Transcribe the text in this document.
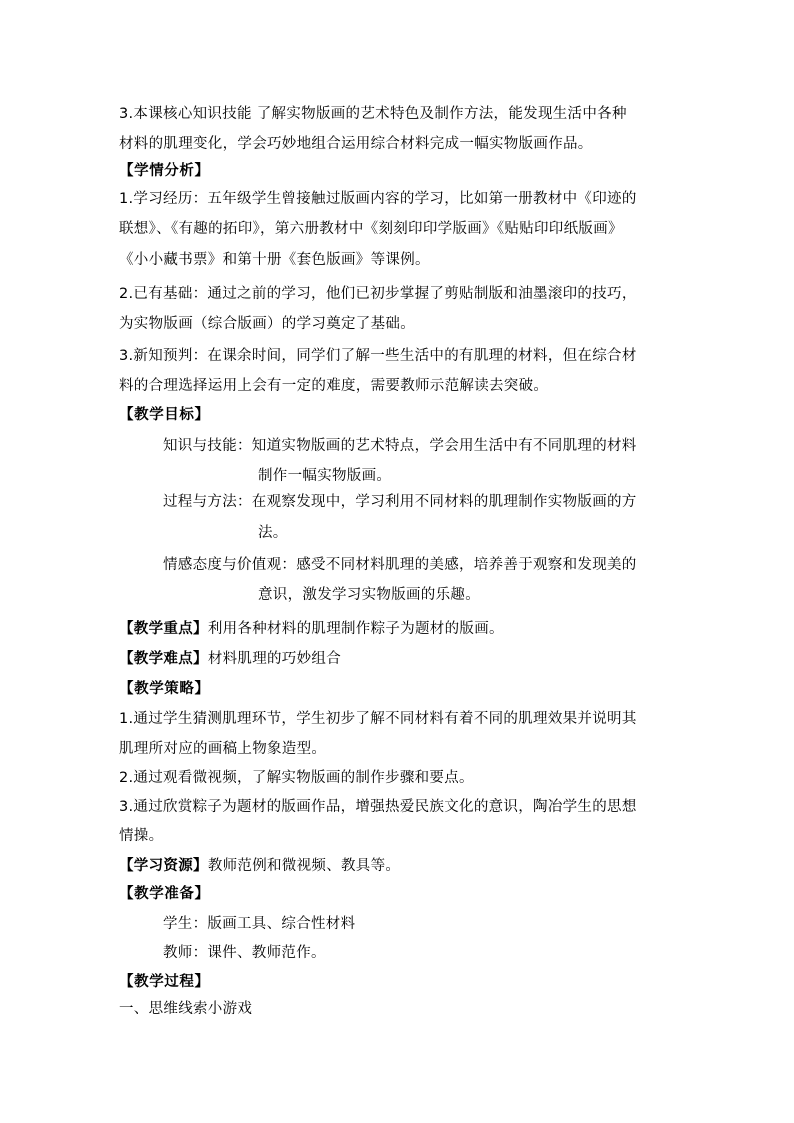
3.本课核心知识技能 了解实物版画的艺术特色及制作方法，能发现生活中各种
材料的肌理变化，学会巧妙地组合运用综合材料完成一幅实物版画作品。
【学情分析】
1.学习经历：五年级学生曾接触过版画内容的学习，比如第一册教材中《印迹的
联想》、《有趣的拓印》，第六册教材中《刻刻印印学版画》《贴贴印印纸版画》
《小小藏书票》和第十册《套色版画》等课例。
2.已有基础：通过之前的学习，他们已初步掌握了剪贴制版和油墨滚印的技巧，
为实物版画（综合版画）的学习奠定了基础。
3.新知预判：在课余时间，同学们了解一些生活中的有肌理的材料，但在综合材
料的合理选择运用上会有一定的难度，需要教师示范解读去突破。
【教学目标】
知识与技能：知道实物版画的艺术特点，学会用生活中有不同肌理的材料
制作一幅实物版画。
过程与方法：在观察发现中，学习利用不同材料的肌理制作实物版画的方
法。
情感态度与价值观：感受不同材料肌理的美感，培养善于观察和发现美的
意识，激发学习实物版画的乐趣。
【教学重点】利用各种材料的肌理制作粽子为题材的版画。
【教学难点】材料肌理的巧妙组合
【教学策略】
1.通过学生猜测肌理环节，学生初步了解不同材料有着不同的肌理效果并说明其
肌理所对应的画稿上物象造型。
2.通过观看微视频，了解实物版画的制作步骤和要点。
3.通过欣赏粽子为题材的版画作品，增强热爱民族文化的意识，陶冶学生的思想
情操。
【学习资源】教师范例和微视频、教具等。
【教学准备】
学生：版画工具、综合性材料
教师：课件、教师范作。
【教学过程】
一、思维线索小游戏
